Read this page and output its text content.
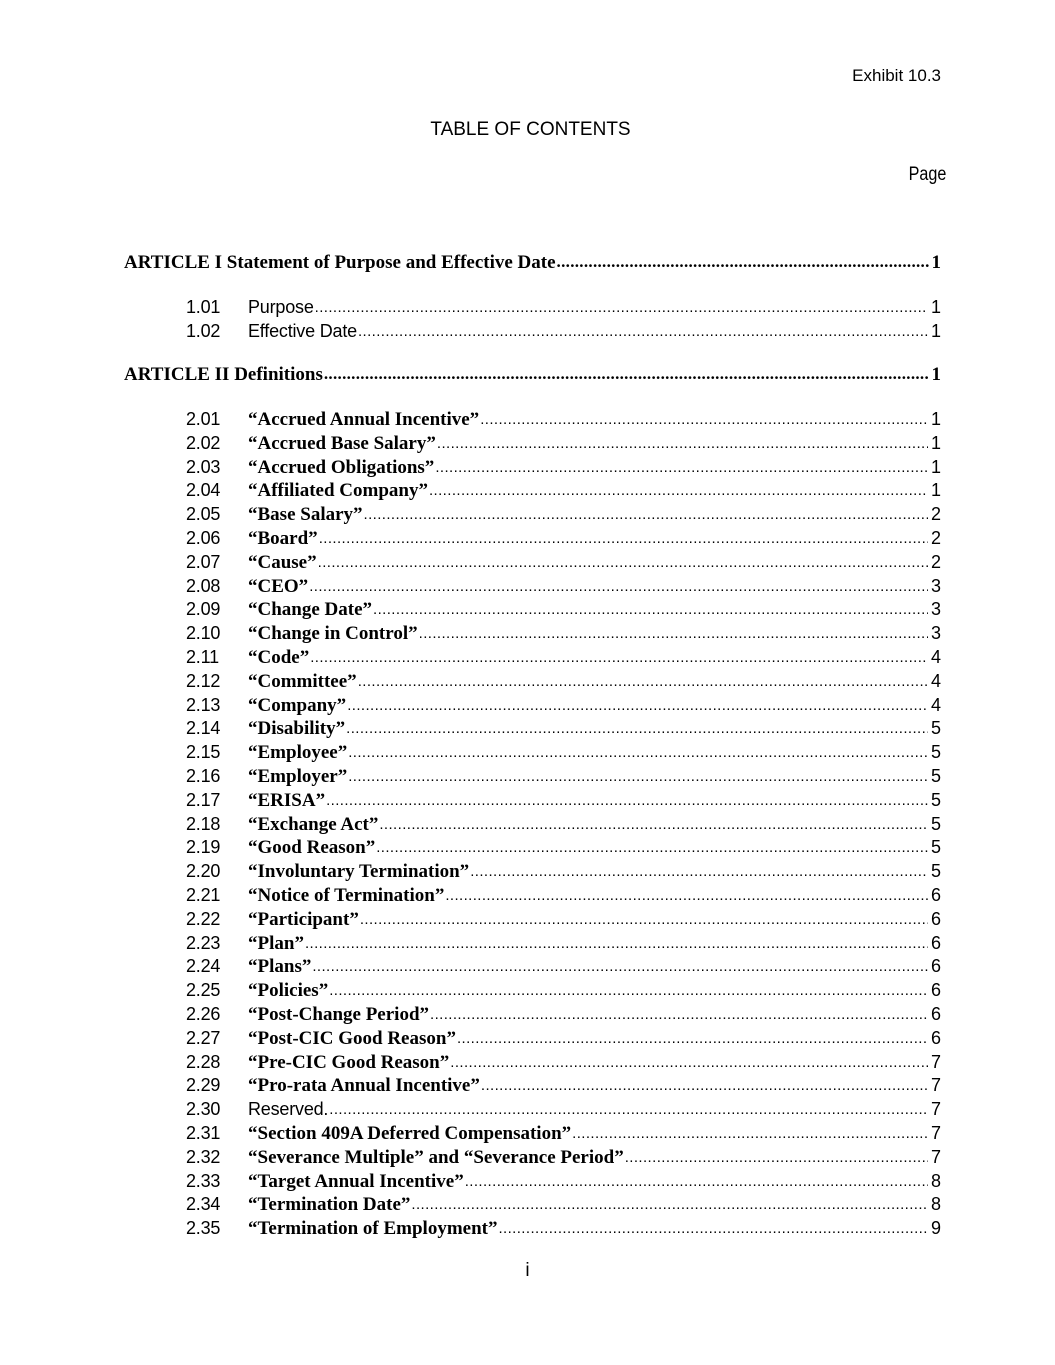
Exhibit 10.3
TABLE OF CONTENTS
Page
ARTICLE I Statement of Purpose and Effective Date .....	1
1.01	Purpose .....	1
1.02	Effective Date .....	1
ARTICLE II Definitions .....	1
2.01	“Accrued Annual Incentive” .....	1
2.02	“Accrued Base Salary” .....	1
2.03	“Accrued Obligations” .....	1
2.04	“Affiliated Company” .....	1
2.05	“Base Salary” .....	2
2.06	“Board” .....	2
2.07	“Cause” .....	2
2.08	“CEO” .....	3
2.09	“Change Date” .....	3
2.10	“Change in Control” .....	3
2.11	“Code” .....	4
2.12	“Committee” .....	4
2.13	“Company” .....	4
2.14	“Disability” .....	5
2.15	“Employee” .....	5
2.16	“Employer” .....	5
2.17	“ERISA” .....	5
2.18	“Exchange Act” .....	5
2.19	“Good Reason” .....	5
2.20	“Involuntary Termination” .....	5
2.21	“Notice of Termination” .....	6
2.22	“Participant” .....	6
2.23	“Plan” .....	6
2.24	“Plans” .....	6
2.25	“Policies” .....	6
2.26	“Post-Change Period” .....	6
2.27	“Post-CIC Good Reason” .....	6
2.28	“Pre-CIC Good Reason” .....	7
2.29	“Pro-rata Annual Incentive” .....	7
2.30	Reserved. .....	7
2.31	“Section 409A Deferred Compensation” .....	7
2.32	“Severance Multiple” and “Severance Period” .....	7
2.33	“Target Annual Incentive” .....	8
2.34	“Termination Date” .....	8
2.35	“Termination of Employment” .....	9
i
